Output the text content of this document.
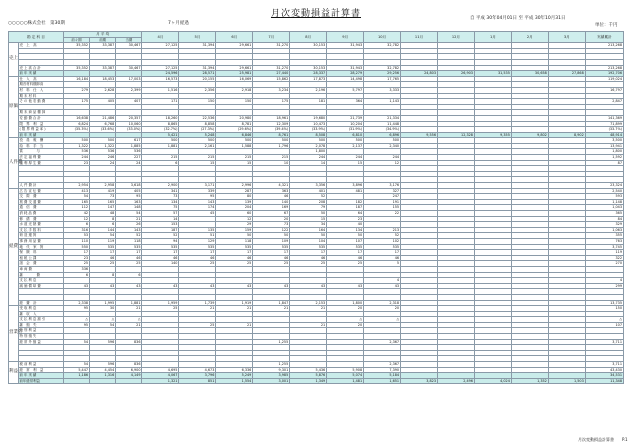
月次変動損益計算書
○○○○○株式会社　第30期	7ヶ月経過
自 平成 30年04月01日 至 平成 30年10月31日
単位：千円
勘 定 科 目		月 平 均			4月	5月	6月	7月	8月	9月	10月	11月	12月	1月	2月	3月	実績累計
		前々期	前期	当期													
売上	売　上　高	35,352	33,387	30,467	27,125	31,394	29,661	31,270	30,153	31,943	32,782						213,268

	売 上 高 合 計	35,352	33,387	30,467	27,125	31,394	29,661	31,270	30,153	31,943	32,782						213,268
	前 年 実 績				24,596	28,571	25,981	27,440	28,337	28,279	29,256	24,803	26,903	31,535	30,658	27,868	192,706
原価	仕　入　高	16,184	18,453	17,003	16,573	20,155	16,069	15,862	17,873	14,498	17,765						119,024
	期首材料棚卸高																
	材　料　仕　入	279	2,628	2,399	1,516	2,356	2,918	3,234	2,196	5,797	3,333						16,797
	期 末 材 料																
	そ の 他 変 動 費	175	405	407	171	150	150	175	181	364	1,143						2,847

	期 末 商 品 棚 卸																
	変 動 費 合 計	16,638	21,486	20,357	18,260	22,536	20,980	18,961	19,680	21,739	21,334						141,369
	限　界　利　益	6,824	6,768	10,060	8,865	8,858	8,781	12,309	10,473	10,204	11,448						71,899
	( 限 界 利 益 率 )	(35.3%)	(33.6%)	(33.0%)	(32.7%)	(27.3%)	(29.6%)	(39.4%)	(33.9%)	(31.9%)	(34.9%)						(33.7%)
	前 年 実 績				5,421	5,248	6,846	8,761	8,508	6,810	6,896	9,556	12,328	9,355	9,802	8,902	48,914
人件費	役　員　報　酬	500	500	617	500	500	500	500	500	500	500						3,500
	給　料　手　当	1,322	1,322	1,885	1,881	2,161	1,588	1,796	2,078	2,137	2,340						13,941
	賞　　　　与	536	536	536					1,800								1,800
	法 定 福 利 費	244	246	227	215	215	215	215	244	244	244						1,592
	福 利 厚 生 費	23	24	24	6	15	15	10	14	15	12						87

	人 件 費 計	2,954	2,958	3,618	2,900	3,171	2,996	4,321	3,356	3,896	3,176						23,324
経費	広 告 宣 伝 費	413	419	405	341	339	287	363	401	481	327						2,540
	交　際　費	54	73	95	73	95	80	46	52		247						593
	旅 費 交 通 費	165	165	163	134	143	139	140	208	182	191						1,148
	通　信　費	112	147	148	75	174	204	169	79	187	155						1,043
	消 耗 品 費	42	48	54	57	45	60	67	50	64	22						365
	修　繕　費	12	8	21	14		12	20	15	23							84
	水 道 光 熱 費	6	6	26	153		29	73	34	40							329
	支 払 手 数 料	316	144	143	187	135	159	122	164	134	213						1,063
	荷 造 運 賃	53	54	52	52	51	50	50	50	50	52						355
	事 務 用 品 費	110	119	118	94	129	118	109	104	107	102						763
	地　代　家　賃	550	535	535	535	535	535	535	535	535	535						3,745
	保　険　料	17	17	17	17	17	17	17	17	17	17						119
	租 税 公 課	23	46	46	46	46	46	46	46	46	46						322
	諸　会　費	25	25	25	140	25	25	25	25	25	5						270
	車 両 費	336															
	雑　　　　費	6	8	6													
	支 払 利 息										4						4
	減 価 償 却 費	43	43	43	43	43	43	43	43	43	43						299

	経　費　計	2,338	1,995	1,881	1,959	1,739	1,919	1,847	2,153	1,800	2,318						13,735
営業外	受 取 利 息	95	30	21	25	21	21	21	21	20	20						150
	雑　収　入																
	支 払 利 息 割 引	△	△	△						△	△						△
	雑　損　失	95	54	21		25	21		21	20							107
	特 別 利 益																
	特 別 損 失																
	経 常 外 損 益	54	596	836				1,255			2,367						3,711

利益	税 前 利 益	54	596	836				1,255			2,367						3,711
	経　常　利　益	5,447	4,454	6,900	4,695	4,673	6,336	9,301	5,436	5,908	7,390						43,430
	前 年 実 績	1,186	1,316	4,149	4,067	3,796	5,249	3,985	5,876	5,074	5,184						34,531
	前年経常利益				1,321	851	1,554	3,001	1,349	1,481	1,651	3,823	2,496	4,024	1,352	1,503	11,348
月次変動損益計算書 P.1
